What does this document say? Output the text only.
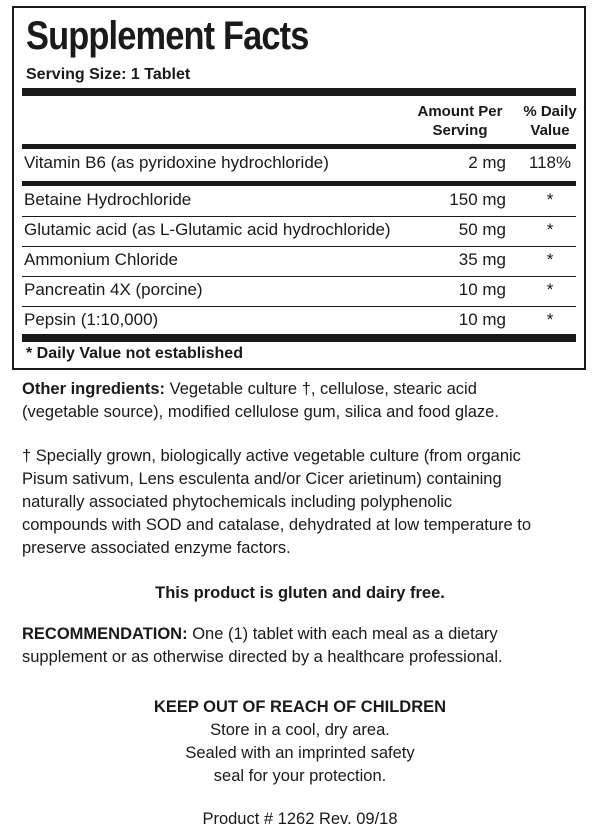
Supplement Facts
Serving Size: 1 Tablet
Amount Per
Serving
% Daily
Value
Vitamin B6 (as pyridoxine hydrochloride)	2 mg	118%
Betaine Hydrochloride	150 mg	*
Glutamic acid (as L-Glutamic acid hydrochloride)	50 mg	*
Ammonium Chloride	35 mg	*
Pancreatin 4X (porcine)	10 mg	*
Pepsin (1:10,000)	10 mg	*
* Daily Value not established
Other ingredients: Vegetable culture †, cellulose, stearic acid
(vegetable source), modified cellulose gum, silica and food glaze.
† Specially grown, biologically active vegetable culture (from organic
Pisum sativum, Lens esculenta and/or Cicer arietinum) containing
naturally associated phytochemicals including polyphenolic
compounds with SOD and catalase, dehydrated at low temperature to
preserve associated enzyme factors.
This product is gluten and dairy free.
RECOMMENDATION: One (1) tablet with each meal as a dietary
supplement or as otherwise directed by a healthcare professional.
KEEP OUT OF REACH OF CHILDREN
Store in a cool, dry area.
Sealed with an imprinted safety
seal for your protection.
Product # 1262 Rev. 09/18
